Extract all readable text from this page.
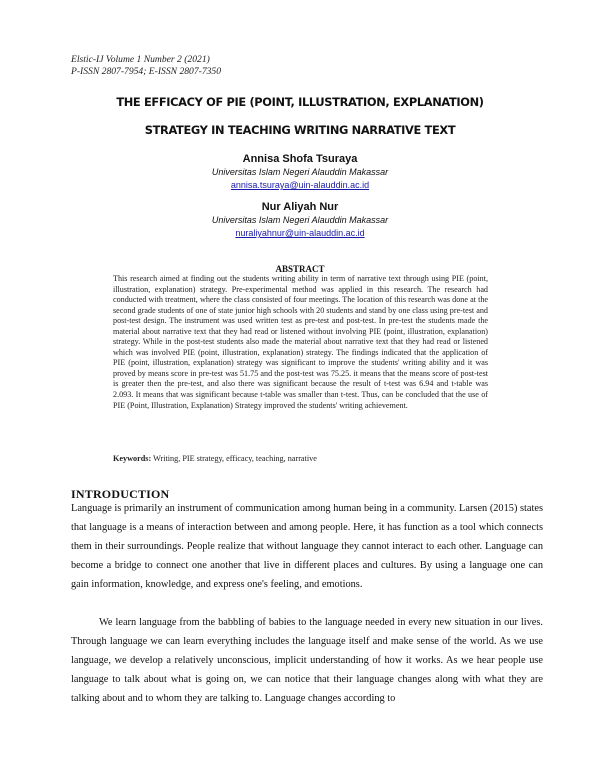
Elstic-IJ Volume 1 Number 2 (2021)
P-ISSN 2807-7954; E-ISSN 2807-7350
THE EFFICACY OF PIE (POINT, ILLUSTRATION, EXPLANATION)
STRATEGY IN TEACHING WRITING NARRATIVE TEXT
Annisa Shofa Tsuraya
Universitas Islam Negeri Alauddin Makassar
annisa.tsuraya@uin-alauddin.ac.id
Nur Aliyah Nur
Universitas Islam Negeri Alauddin Makassar
nuraliyahnur@uin-alauddin.ac.id
ABSTRACT

This research aimed at finding out the students writing ability in term of narrative text through using PIE (point, illustration, explanation) strategy. Pre-experimental method was applied in this research. The research had conducted with treatment, where the class consisted of four meetings. The location of this research was done at the second grade students of one of state junior high schools with 20 students and stand by one class using pre-test and post-test design. The instrument was used written test as pre-test and post-test. In pre-test the students made the material about narrative text that they had read or listened without involving PIE (point, illustration, explanation) strategy. While in the post-test students also made the material about narrative text that they had read or listened which was involved PIE (point, illustration, explanation) strategy. The findings indicated that the application of PIE (point, illustration, explanation) strategy was significant to improve the students' writing ability and it was proved by means score in pre-test was 51.75 and the post-test was 75.25. it means that the means score of post-test is greater then the pre-test, and also there was significant because the result of t-test was 6.94 and t-table was 2.093. It means that was significant because t-table was smaller than t-test. Thus, can be concluded that the use of PIE (Point, Illustration, Explanation) Strategy improved the students' writing achievement.

Keywords: Writing, PIE strategy, efficacy, teaching, narrative
INTRODUCTION

Language is primarily an instrument of communication among human being in a community. Larsen (2015) states that language is a means of interaction between and among people. Here, it has function as a tool which connects them in their surroundings. People realize that without language they cannot interact to each other. Language can become a bridge to connect one another that live in different places and cultures. By using a language one can gain information, knowledge, and express one's feeling, and emotions.

We learn language from the babbling of babies to the language needed in every new situation in our lives. Through language we can learn everything includes the language itself and make sense of the world. As we use language, we develop a relatively unconscious, implicit understanding of how it works. As we hear people use language to talk about what is going on, we can notice that their language changes along with what they are talking about and to whom they are talking to. Language changes according to
